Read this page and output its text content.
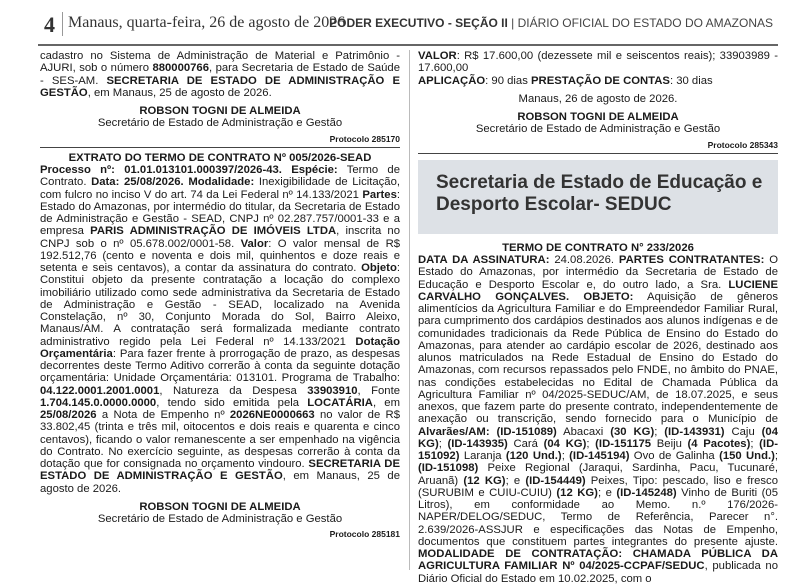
4 Manaus, quarta-feira, 26 de agosto de 2026
PODER EXECUTIVO - SEÇÃO II | DIÁRIO OFICIAL DO ESTADO DO AMAZONAS

cadastro no Sistema de Administração de Material e Patrimônio - AJURI, sob o número 880000766, para Secretaria de Estado de Saúde - SES-AM. SECRETARIA DE ESTADO DE ADMINISTRAÇÃO E GESTÃO, em Manaus, 25 de agosto de 2026.

ROBSON TOGNI DE ALMEIDA

Secretário de Estado de Administração e Gestão

Protocolo 285170

EXTRATO DO TERMO DE CONTRATO Nº 005/2026-SEAD

Processo nº: 01.01.013101.000397/2026-43. Espécie: Termo de Contrato. Data: 25/08/2026. Modalidade: Inexigibilidade de Licitação, com fulcro no inciso V do art. 74 da Lei Federal nº 14.133/2021 Partes: Estado do Amazonas, por intermédio do titular, da Secretaria de Estado de Administração e Gestão - SEAD, CNPJ nº 02.287.757/0001-33 e a empresa PARIS ADMINISTRAÇÃO DE IMÓVEIS LTDA, inscrita no CNPJ sob o nº 05.678.002/0001-58. Valor: O valor mensal de R$ 192.512,76 (cento e noventa e dois mil, quinhentos e doze reais e setenta e seis centavos), a contar da assinatura do contrato. Objeto: Constitui objeto da presente contratação a locação do complexo imobiliário utilizado como sede administrativa da Secretaria de Estado de Administração e Gestão - SEAD, localizado na Avenida Constelação, nº 30, Conjunto Morada do Sol, Bairro Aleixo, Manaus/AM. A contratação será formalizada mediante contrato administrativo regido pela Lei Federal nº 14.133/2021 Dotação Orçamentária: Para fazer frente à prorrogação de prazo, as despesas decorrentes deste Termo Aditivo correrão à conta da seguinte dotação orçamentária: Unidade Orçamentária: 013101. Programa de Trabalho: 04.122.0001.2001.0001, Natureza da Despesa 33903910, Fonte 1.704.145.0.0000.0000, tendo sido emitida pela LOCATÁRIA, em 25/08/2026 a Nota de Empenho nº 2026NE0000663 no valor de R$ 33.802,45 (trinta e três mil, oitocentos e dois reais e quarenta e cinco centavos), ficando o valor remanescente a ser empenhado na vigência do Contrato. No exercício seguinte, as despesas correrão à conta da dotação que for consignada no orçamento vindouro. SECRETARIA DE ESTADO DE ADMINISTRAÇÃO E GESTÃO, em Manaus, 25 de agosto de 2026.

ROBSON TOGNI DE ALMEIDA

Secretário de Estado de Administração e Gestão

Protocolo 285181

VALOR: R$ 17.600,00 (dezessete mil e seiscentos reais); 33903989 - 17.600,00

APLICAÇÃO: 90 dias PRESTAÇÃO DE CONTAS: 30 dias

Manaus, 26 de agosto de 2026.

ROBSON TOGNI DE ALMEIDA

Secretário de Estado de Administração e Gestão

Protocolo 285343

Secretaria de Estado de Educação e Desporto Escolar- SEDUC

TERMO DE CONTRATO N° 233/2026

DATA DA ASSINATURA: 24.08.2026. PARTES CONTRATANTES: O Estado do Amazonas, por intermédio da Secretaria de Estado de Educação e Desporto Escolar e, do outro lado, a Sra. LUCIENE CARVALHO GONÇALVES. OBJETO: Aquisição de gêneros alimentícios da Agricultura Familiar e do Empreendedor Familiar Rural, para cumprimento dos cardápios destinados aos alunos indígenas e de comunidades tradicionais da Rede Pública de Ensino do Estado do Amazonas, para atender ao cardápio escolar de 2026, destinado aos alunos matriculados na Rede Estadual de Ensino do Estado do Amazonas, com recursos repassados pelo FNDE, no âmbito do PNAE, nas condições estabelecidas no Edital de Chamada Pública da Agricultura Familiar nº 04/2025-SEDUC/AM, de 18.07.2025, e seus anexos, que fazem parte do presente contrato, independentemente de anexação ou transcrição, sendo fornecido para o Município de Alvarães/AM: (ID-151089) Abacaxi (30 KG); (ID-143931) Caju (04 KG); (ID-143935) Cará (04 KG); (ID-151175 Beiju (4 Pacotes); (ID-151092) Laranja (120 Und.); (ID-145194) Ovo de Galinha (150 Und.); (ID-151098) Peixe Regional (Jaraqui, Sardinha, Pacu, Tucunaré, Aruanã) (12 KG); e (ID-154449) Peixes, Tipo: pescado, liso e fresco (SURUBIM e CUIU-CUIU) (12 KG); e (ID-145248) Vinho de Buriti (05 Litros), em conformidade ao Memo. n.º 176/2026-NAPER/DELOG/SEDUC, Termo de Referência, Parecer n°. 2.639/2026-ASSJUR e especificações das Notas de Empenho, documentos que constituem partes integrantes do presente ajuste. MODALIDADE DE CONTRATAÇÃO: CHAMADA PÚBLICA DA AGRICULTURA FAMILIAR Nº 04/2025-CCPAF/SEDUC, publicada no Diário Oficial do Estado em 10.02.2025, com o
